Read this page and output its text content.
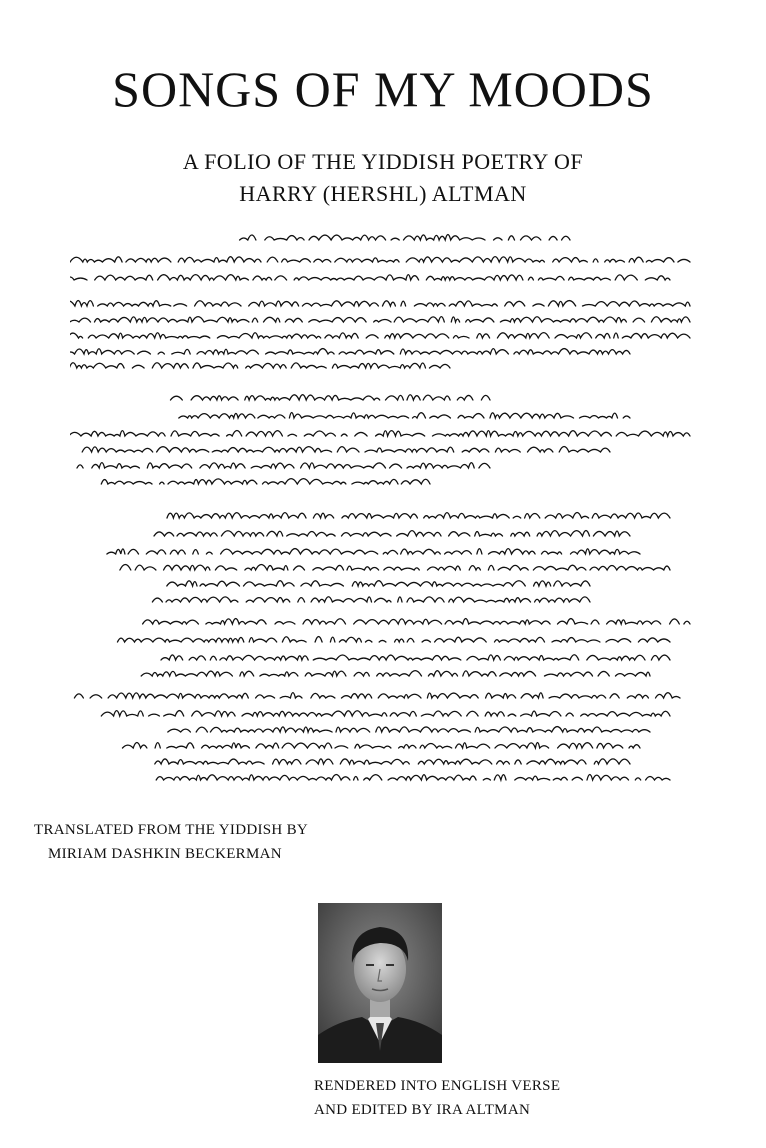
SONGS OF MY MOODS
A FOLIO OF THE YIDDISH POETRY OF
HARRY (HERSHL) ALTMAN
TRANSLATED FROM THE YIDDISH BY
MIRIAM DASHKIN BECKERMAN
RENDERED INTO ENGLISH VERSE
AND EDITED BY IRA ALTMAN
